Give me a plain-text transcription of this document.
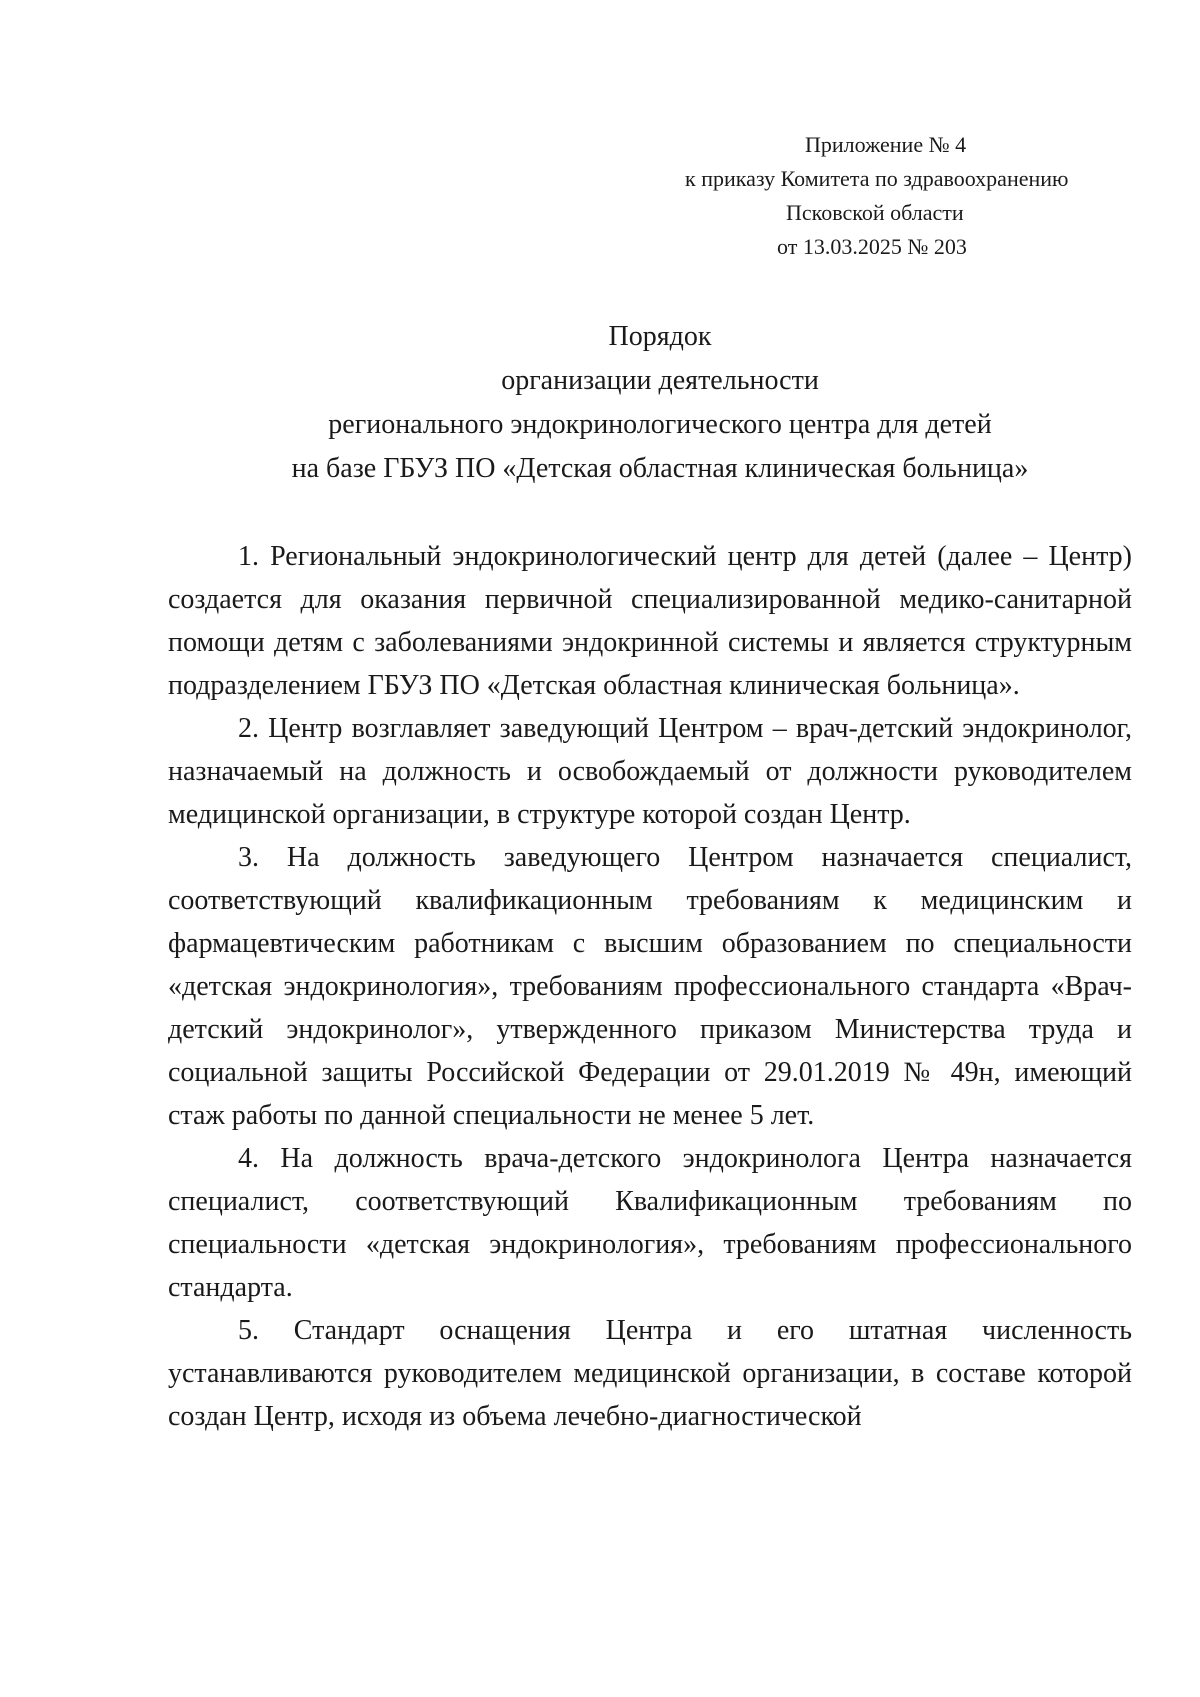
Приложение № 4
к приказу Комитета по здравоохранению
Псковской области
от 13.03.2025 № 203
Порядок
организации деятельности
регионального эндокринологического центра для детей
на базе ГБУЗ ПО «Детская областная клиническая больница»

1. Региональный эндокринологический центр для детей (далее – Центр) создается для оказания первичной специализированной медико-санитарной помощи детям с заболеваниями эндокринной системы и является структурным подразделением ГБУЗ ПО «Детская областная клиническая больница».

2. Центр возглавляет заведующий Центром – врач-детский эндокринолог, назначаемый на должность и освобождаемый от должности руководителем медицинской организации, в структуре которой создан Центр.

3. На должность заведующего Центром назначается специалист, соответствующий квалификационным требованиям к медицинским и фармацевтическим работникам с высшим образованием по специальности «детская эндокринология», требованиям профессионального стандарта «Врач-детский эндокринолог», утвержденного приказом Министерства труда и социальной защиты Российской Федерации от 29.01.2019 № 49н, имеющий стаж работы по данной специальности не менее 5 лет.

4. На должность врача-детского эндокринолога Центра назначается специалист, соответствующий Квалификационным требованиям по специальности «детская эндокринология», требованиям профессионального стандарта.

5. Стандарт оснащения Центра и его штатная численность устанавливаются руководителем медицинской организации, в составе которой создан Центр, исходя из объема лечебно-диагностической
